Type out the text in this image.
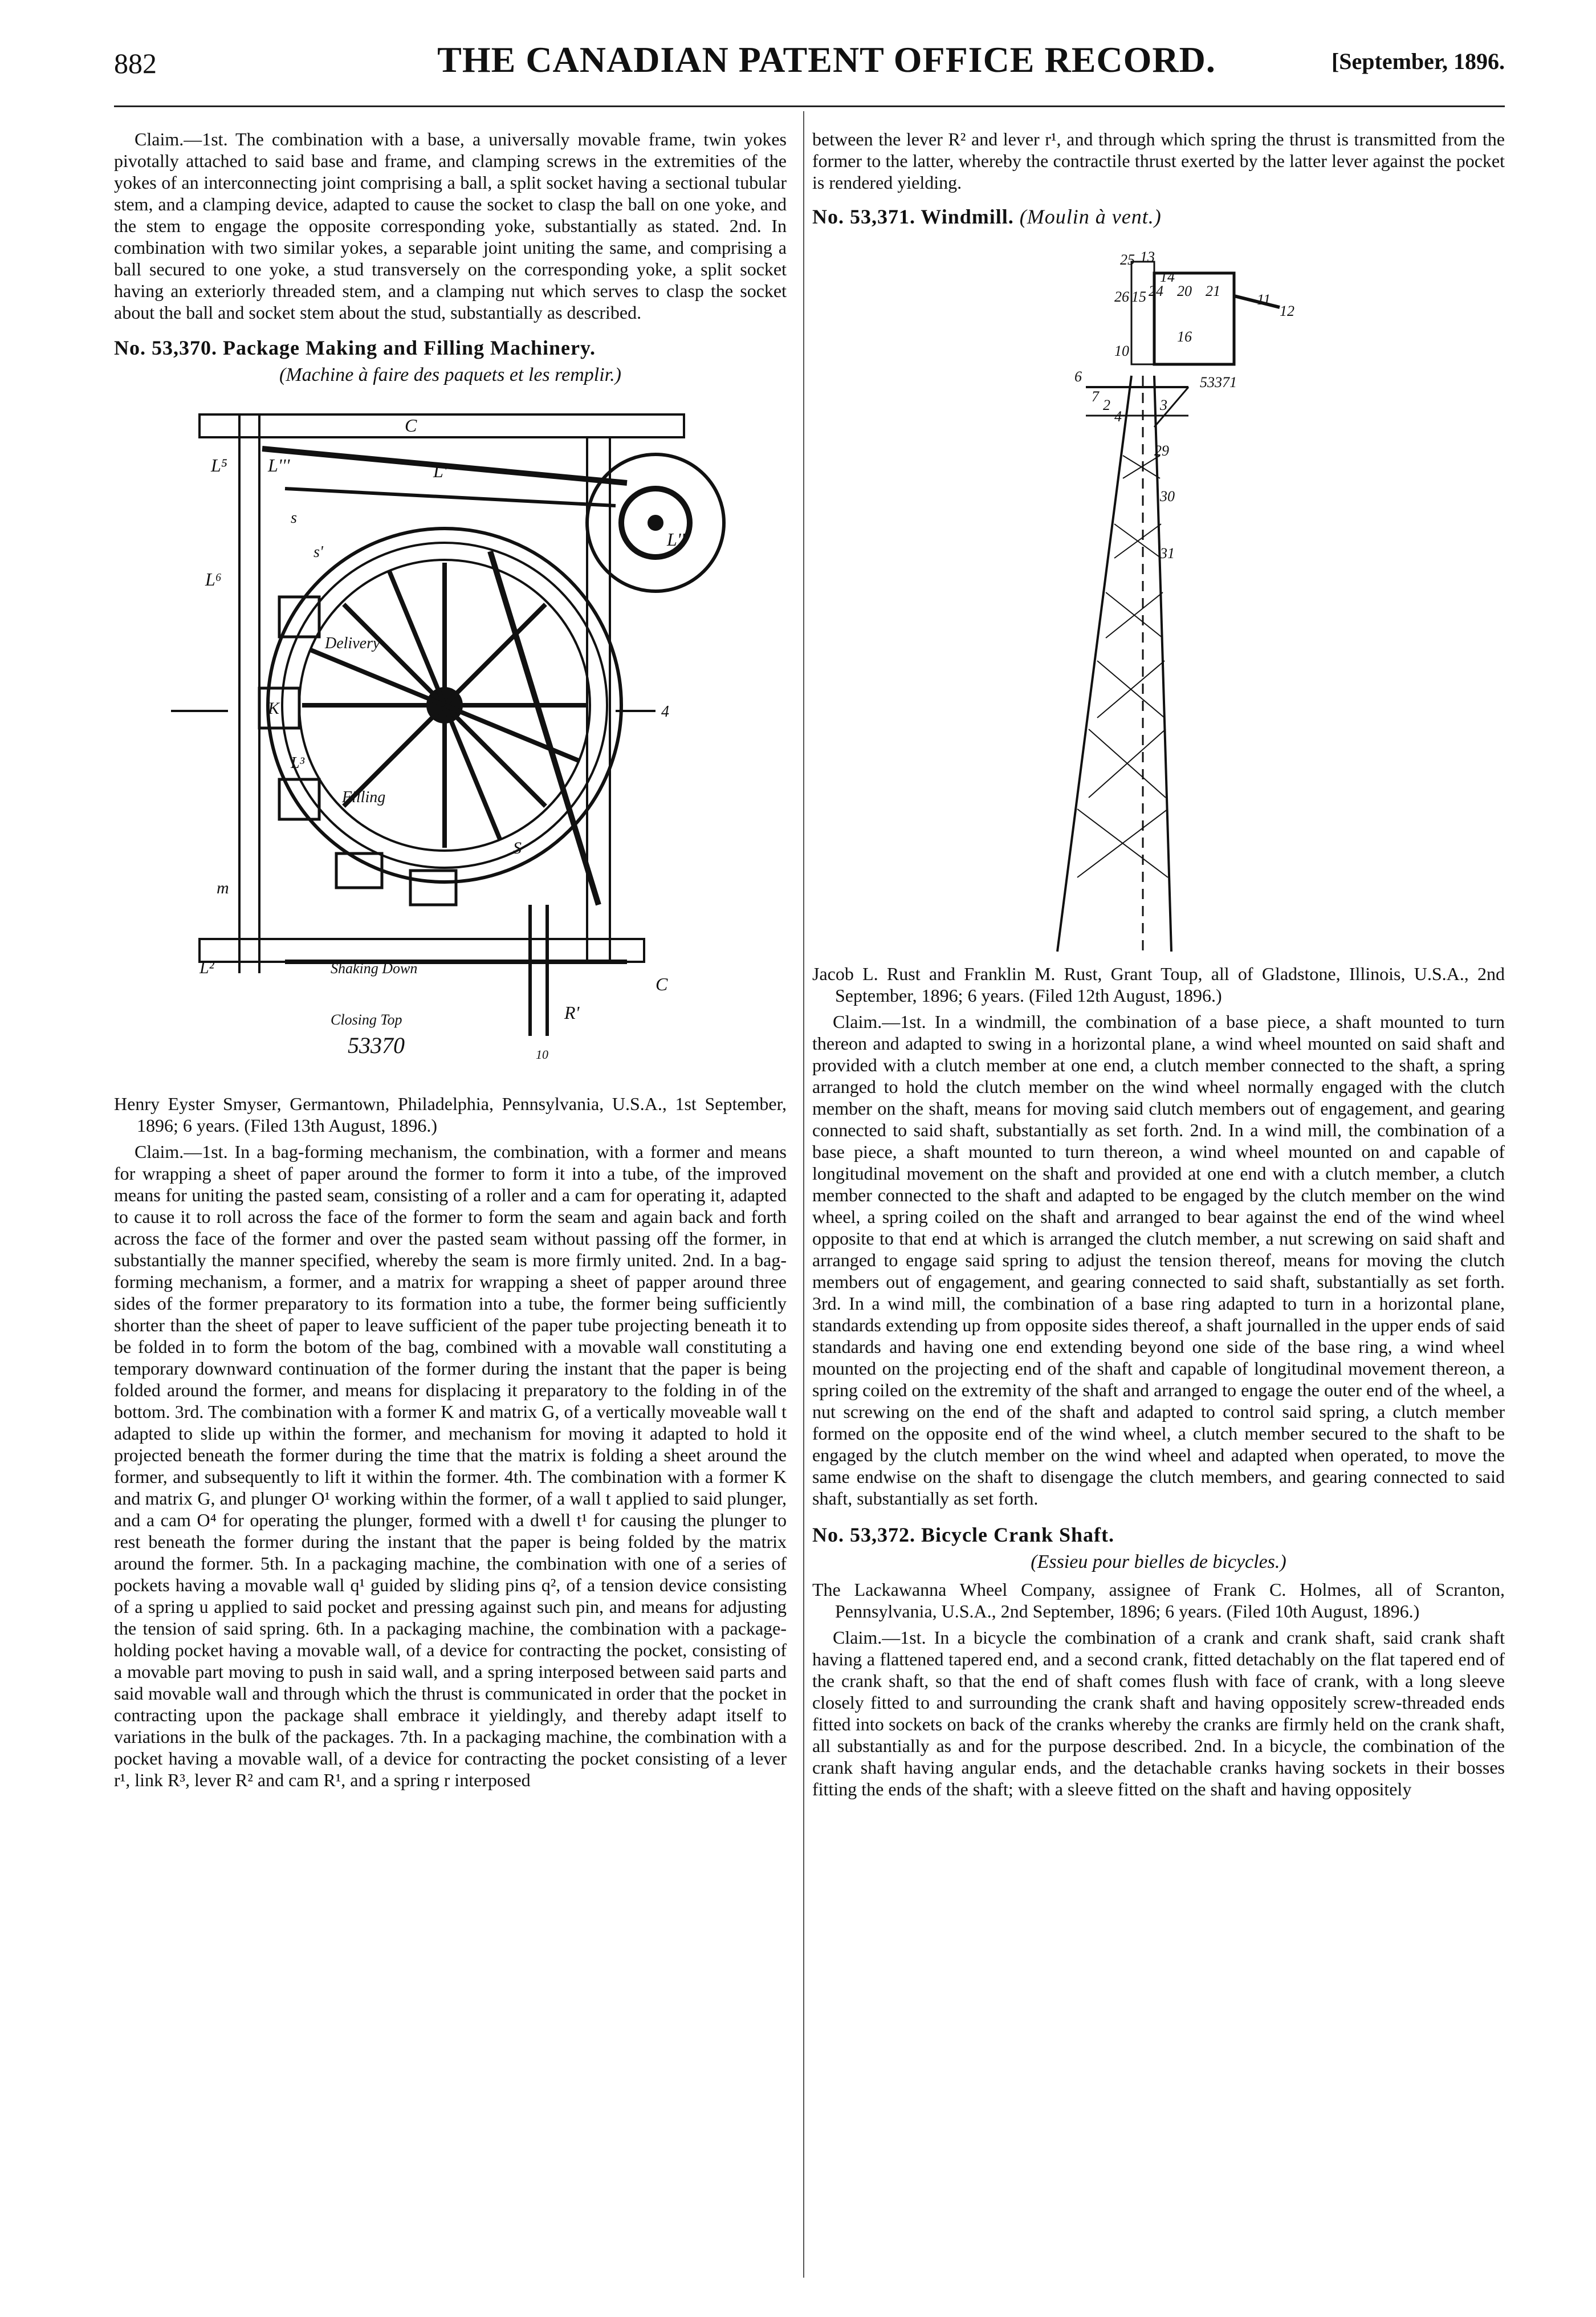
882	THE CANADIAN PATENT OFFICE RECORD.	[September, 1896.

Claim.—1st. The combination with a base, a universally movable frame, twin yokes pivotally attached to said base and frame, and clamping screws in the extremities of the yokes of an interconnecting joint comprising a ball, a split socket having a sectional tubular stem, and a clamping device, adapted to cause the socket to clasp the ball on one yoke, and the stem to engage the opposite corresponding yoke, substantially as stated. 2nd. In combination with two similar yokes, a separable joint uniting the same, and comprising a ball secured to one yoke, a stud transversely on the corresponding yoke, a split socket having an exteriorly threaded stem, and a clamping nut which serves to clasp the socket about the ball and socket stem about the stud, substantially as described.

No. 53,370. Package Making and Filling Machinery.

(Machine à faire des paquets et les remplir.)

C
L'
L''
L⁵ L'''
s
s'
L⁶
Delivery
4
K
L³
Filling
m
S
L²	Shaking Down
C
Closing Top	R'
10
53370

Henry Eyster Smyser, Germantown, Philadelphia, Pennsylvania, U.S.A., 1st September, 1896; 6 years. (Filed 13th August, 1896.)

Claim.—1st. In a bag-forming mechanism, the combination, with a former and means for wrapping a sheet of paper around the former to form it into a tube, of the improved means for uniting the pasted seam, consisting of a roller and a cam for operating it, adapted to cause it to roll across the face of the former to form the seam and again back and forth across the face of the former and over the pasted seam without passing off the former, in substantially the manner specified, whereby the seam is more firmly united. 2nd. In a bag-forming mechanism, a former, and a matrix for wrapping a sheet of papper around three sides of the former preparatory to its formation into a tube, the former being sufficiently shorter than the sheet of paper to leave sufficient of the paper tube projecting beneath it to be folded in to form the botom of the bag, combined with a movable wall constituting a temporary downward continuation of the former during the instant that the paper is being folded around the former, and means for displacing it preparatory to the folding in of the bottom. 3rd. The combination with a former K and matrix G, of a vertically moveable wall t adapted to slide up within the former, and mechanism for moving it adapted to hold it projected beneath the former during the time that the matrix is folding a sheet around the former, and subsequently to lift it within the former. 4th. The combination with a former K and matrix G, and plunger O¹ working within the former, of a wall t applied to said plunger, and a cam O⁴ for operating the plunger, formed with a dwell t¹ for causing the plunger to rest beneath the former during the instant that the paper is being folded by the matrix around the former. 5th. In a packaging machine, the combination with one of a series of pockets having a movable wall q¹ guided by sliding pins q², of a tension device consisting of a spring u applied to said pocket and pressing against such pin, and means for adjusting the tension of said spring. 6th. In a packaging machine, the combination with a package-holding pocket having a movable wall, of a device for contracting the pocket, consisting of a movable part moving to push in said wall, and a spring interposed between said parts and said movable wall and through which the thrust is communicated in order that the pocket in contracting upon the package shall embrace it yieldingly, and thereby adapt itself to variations in the bulk of the packages. 7th. In a packaging machine, the combination with a pocket having a movable wall, of a device for contracting the pocket consisting of a lever r¹, link R³, lever R² and cam R¹, and a spring r interposed

between the lever R² and lever r¹, and through which spring the thrust is transmitted from the former to the latter, whereby the contractile thrust exerted by the latter lever against the pocket is rendered yielding.

No. 53,371. Windmill. (Moulin à vent.)

25 13
14
20 21
26 15 24
16
11
12
10
6
7
2
4
3
29
30
31
53371

Jacob L. Rust and Franklin M. Rust, Grant Toup, all of Gladstone, Illinois, U.S.A., 2nd September, 1896; 6 years. (Filed 12th August, 1896.)

Claim.—1st. In a windmill, the combination of a base piece, a shaft mounted to turn thereon and adapted to swing in a horizontal plane, a wind wheel mounted on said shaft and provided with a clutch member at one end, a clutch member connected to the shaft, a spring arranged to hold the clutch member on the wind wheel normally engaged with the clutch member on the shaft, means for moving said clutch members out of engagement, and gearing connected to said shaft, substantially as set forth. 2nd. In a wind mill, the combination of a base piece, a shaft mounted to turn thereon, a wind wheel mounted on and capable of longitudinal movement on the shaft and provided at one end with a clutch member, a clutch member connected to the shaft and adapted to be engaged by the clutch member on the wind wheel, a spring coiled on the shaft and arranged to bear against the end of the wind wheel opposite to that end at which is arranged the clutch member, a nut screwing on said shaft and arranged to engage said spring to adjust the tension thereof, means for moving the clutch members out of engagement, and gearing connected to said shaft, substantially as set forth. 3rd. In a wind mill, the combination of a base ring adapted to turn in a horizontal plane, standards extending up from opposite sides thereof, a shaft journalled in the upper ends of said standards and having one end extending beyond one side of the base ring, a wind wheel mounted on the projecting end of the shaft and capable of longitudinal movement thereon, a spring coiled on the extremity of the shaft and arranged to engage the outer end of the wheel, a nut screwing on the end of the shaft and adapted to control said spring, a clutch member formed on the opposite end of the wind wheel, a clutch member secured to the shaft to be engaged by the clutch member on the wind wheel and adapted when operated, to move the same endwise on the shaft to disengage the clutch members, and gearing connected to said shaft, substantially as set forth.

No. 53,372. Bicycle Crank Shaft.

(Essieu pour bielles de bicycles.)

The Lackawanna Wheel Company, assignee of Frank C. Holmes, all of Scranton, Pennsylvania, U.S.A., 2nd September, 1896; 6 years. (Filed 10th August, 1896.)

Claim.—1st. In a bicycle the combination of a crank and crank shaft, said crank shaft having a flattened tapered end, and a second crank, fitted detachably on the flat tapered end of the crank shaft, so that the end of shaft comes flush with face of crank, with a long sleeve closely fitted to and surrounding the crank shaft and having oppositely screw-threaded ends fitted into sockets on back of the cranks whereby the cranks are firmly held on the crank shaft, all substantially as and for the purpose described. 2nd. In a bicycle, the combination of the crank shaft having angular ends, and the detachable cranks having sockets in their bosses fitting the ends of the shaft; with a sleeve fitted on the shaft and having oppositely
